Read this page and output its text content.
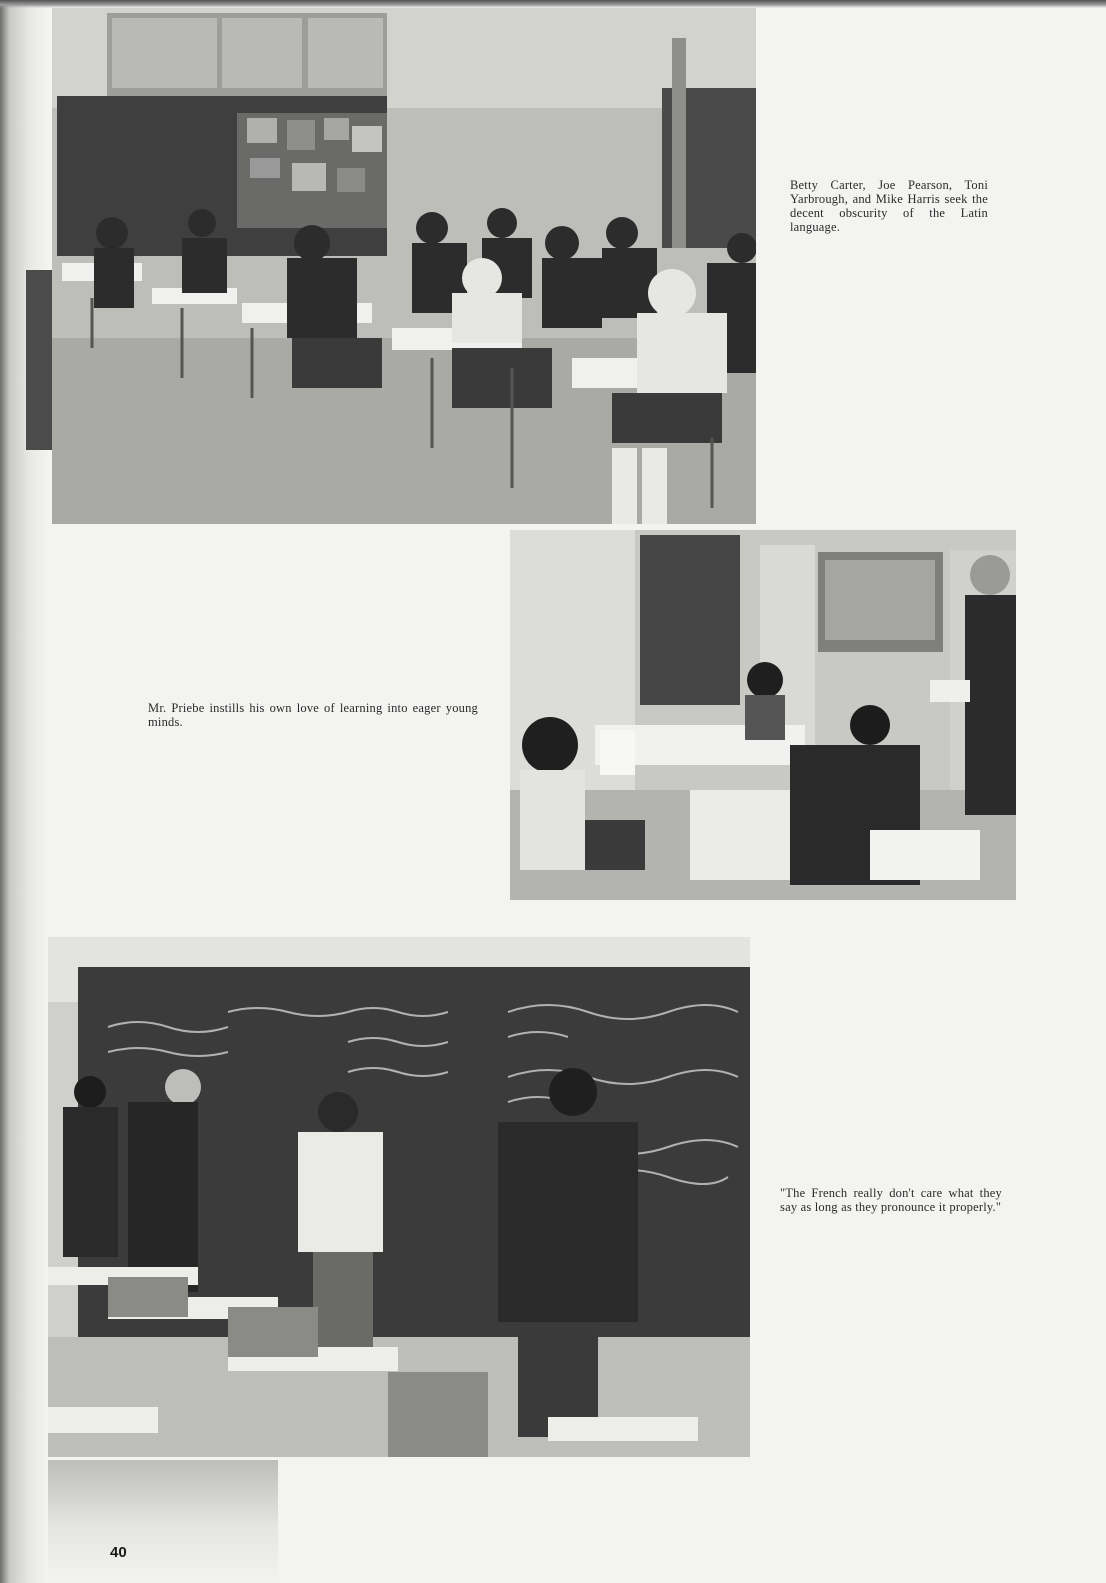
Betty Carter, Joe Pearson, Toni Yarbrough, and Mike Harris seek the decent obscurity of the Latin language.
Mr. Priebe instills his own love of learning into eager young minds.
"The French really don't care what they say as long as they pronounce it properly."
40
